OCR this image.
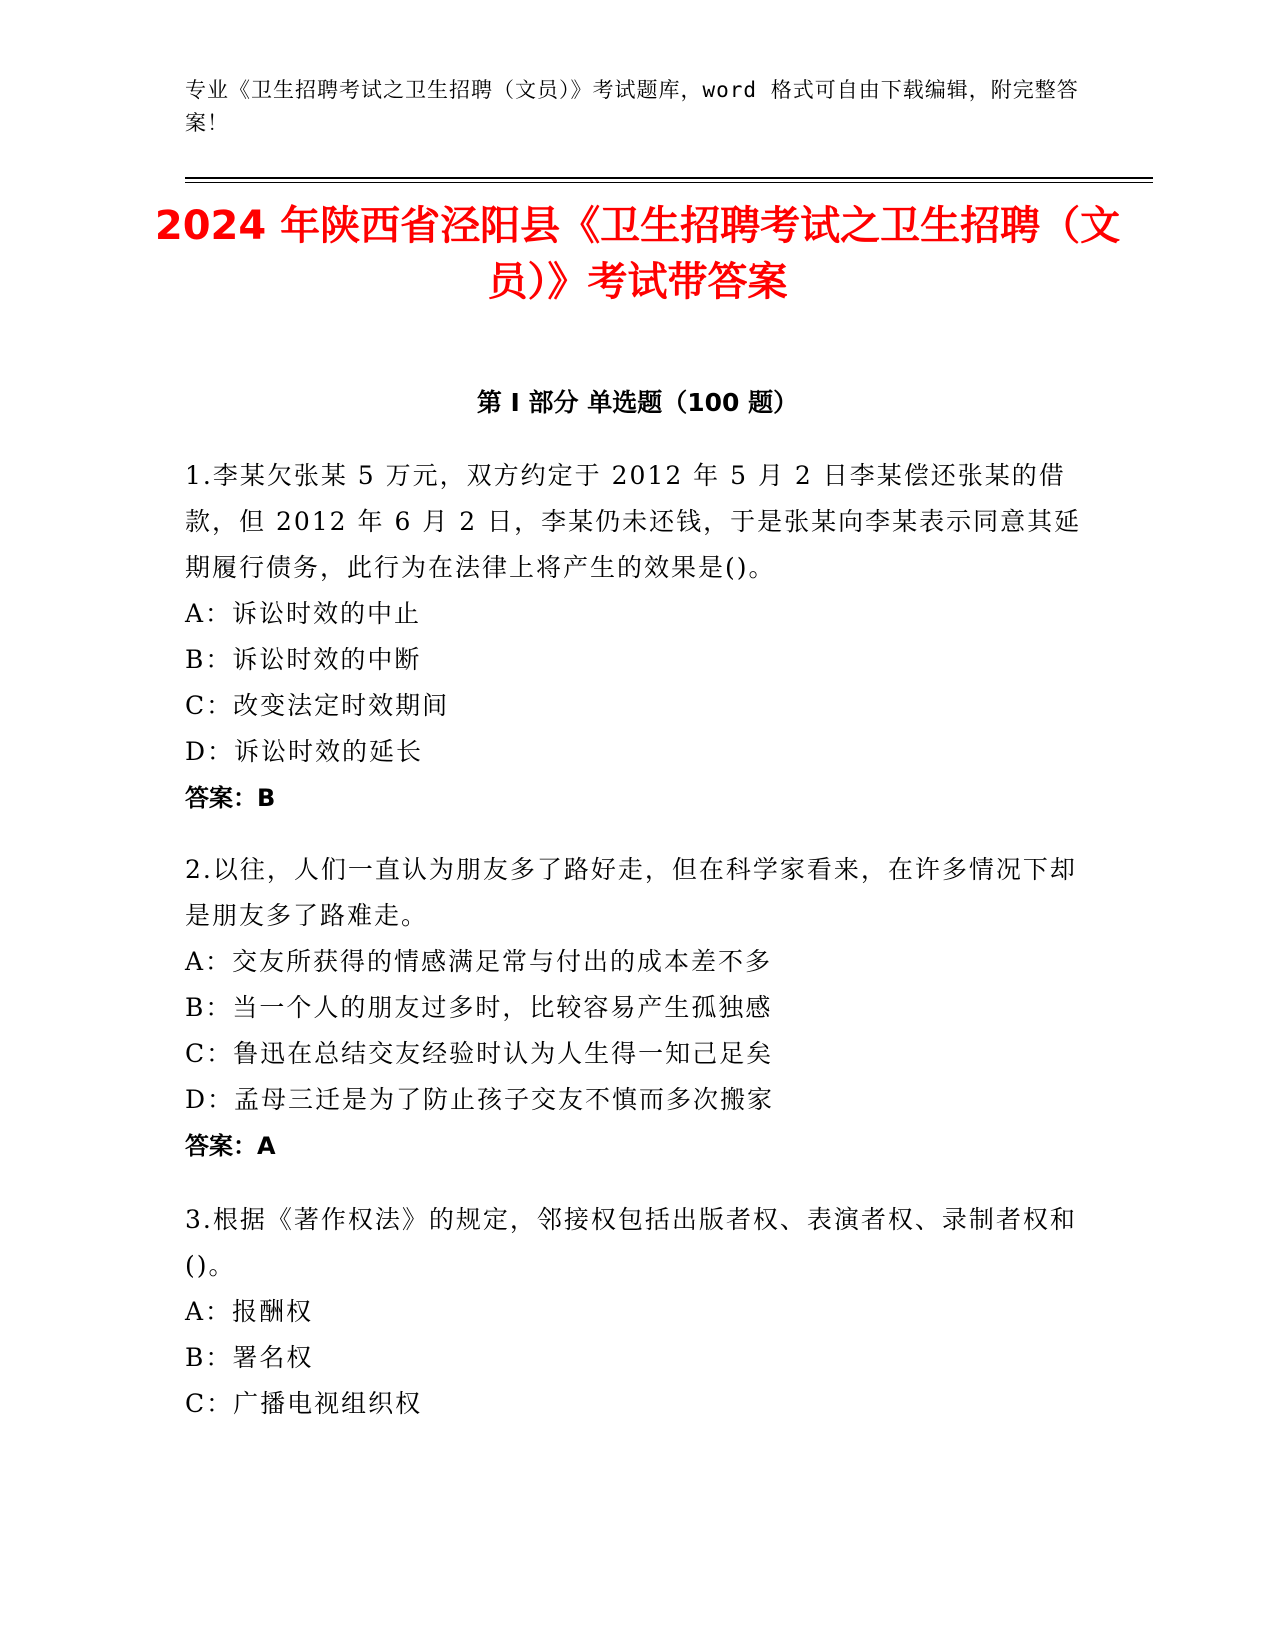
专业《卫生招聘考试之卫生招聘（文员）》考试题库，word 格式可自由下载编辑，附完整答案！
2024 年陕西省泾阳县《卫生招聘考试之卫生招聘（文员）》考试带答案
第 I 部分 单选题（100 题）
1.李某欠张某 5 万元，双方约定于 2012 年 5 月 2 日李某偿还张某的借款，但 2012 年 6 月 2 日，李某仍未还钱，于是张某向李某表示同意其延期履行债务，此行为在法律上将产生的效果是()。
A：诉讼时效的中止
B：诉讼时效的中断
C：改变法定时效期间
D：诉讼时效的延长
答案：B
2.以往，人们一直认为朋友多了路好走，但在科学家看来，在许多情况下却是朋友多了路难走。
A：交友所获得的情感满足常与付出的成本差不多
B：当一个人的朋友过多时，比较容易产生孤独感
C：鲁迅在总结交友经验时认为人生得一知己足矣
D：孟母三迁是为了防止孩子交友不慎而多次搬家
答案：A
3.根据《著作权法》的规定，邻接权包括出版者权、表演者权、录制者权和()。
A：报酬权
B：署名权
C：广播电视组织权
